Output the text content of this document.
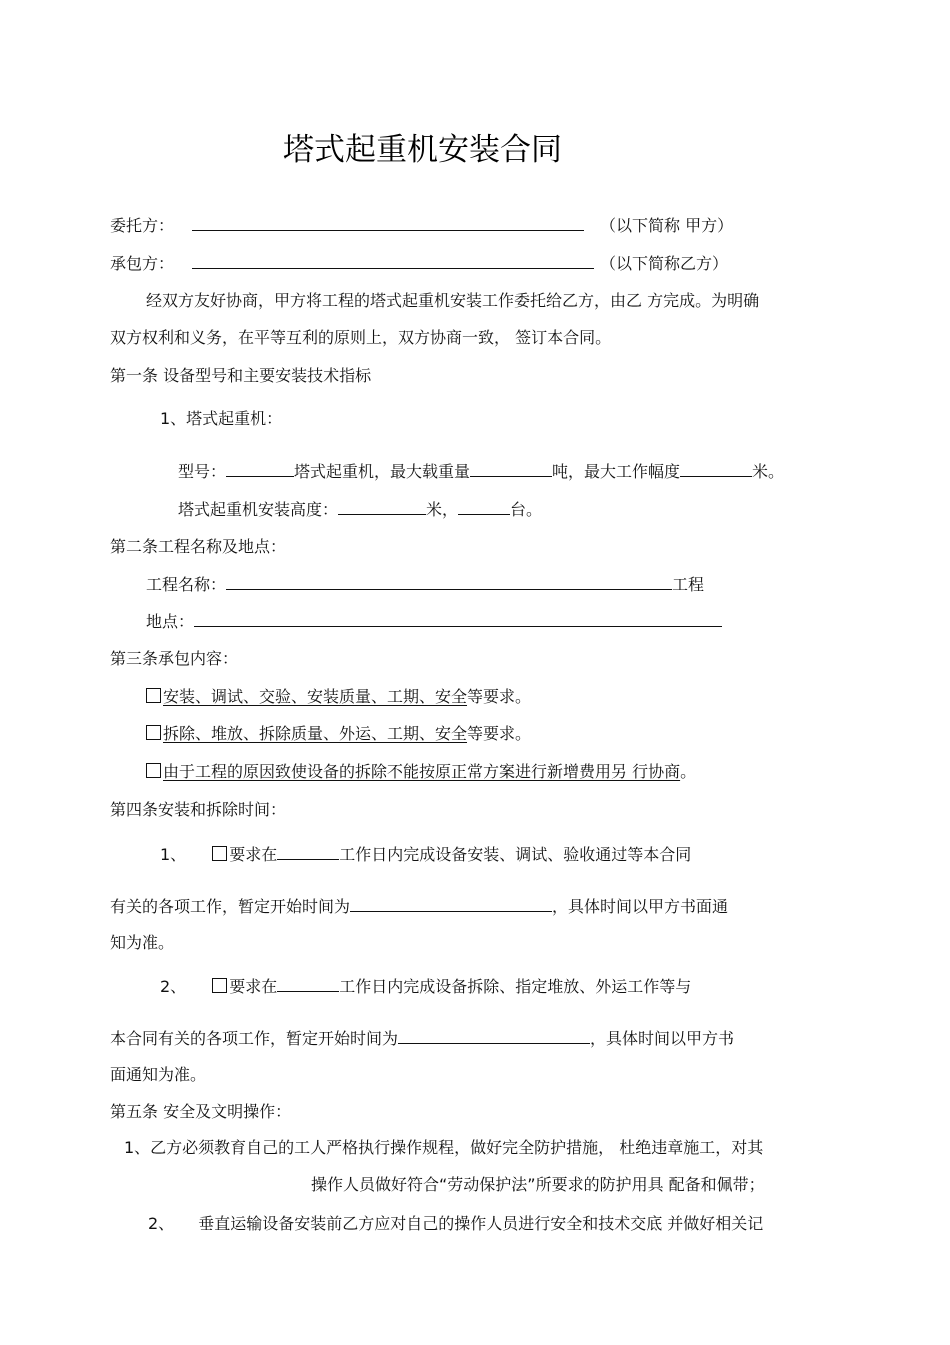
塔式起重机安装合同
委托方：	（以下简称 甲方）
承包方：	（以下简称乙方）
经双方友好协商，甲方将工程的塔式起重机安装工作委托给乙方，由乙 方完成。为明确
双方权利和义务，在平等互利的原则上，双方协商一致， 签订本合同。
第一条 设备型号和主要安装技术指标
1、塔式起重机：
型号：	塔式起重机，最大载重量	吨，最大工作幅度	米。
塔式起重机安装高度：	米，	台。
第二条工程名称及地点：
工程名称：	工程
地点：
第三条承包内容：
安装、调试、交验、安装质量、工期、安全等要求。
拆除、堆放、拆除质量、外运、工期、安全等要求。
由于工程的原因致使设备的拆除不能按原正常方案进行新增费用另 行协商。
第四条安装和拆除时间：
1、	要求在	工作日内完成设备安装、调试、验收通过等本合同
有关的各项工作，暂定开始时间为	，具体时间以甲方书面通
知为准。
2、	要求在	工作日内完成设备拆除、指定堆放、外运工作等与
本合同有关的各项工作，暂定开始时间为	，具体时间以甲方书
面通知为准。
第五条 安全及文明操作：
1、乙方必须教育自己的工人严格执行操作规程，做好完全防护措施， 杜绝违章施工，对其
操作人员做好符合“劳动保护法”所要求的防护用具 配备和佩带；
2、 垂直运输设备安装前乙方应对自己的操作人员进行安全和技术交底 并做好相关记
